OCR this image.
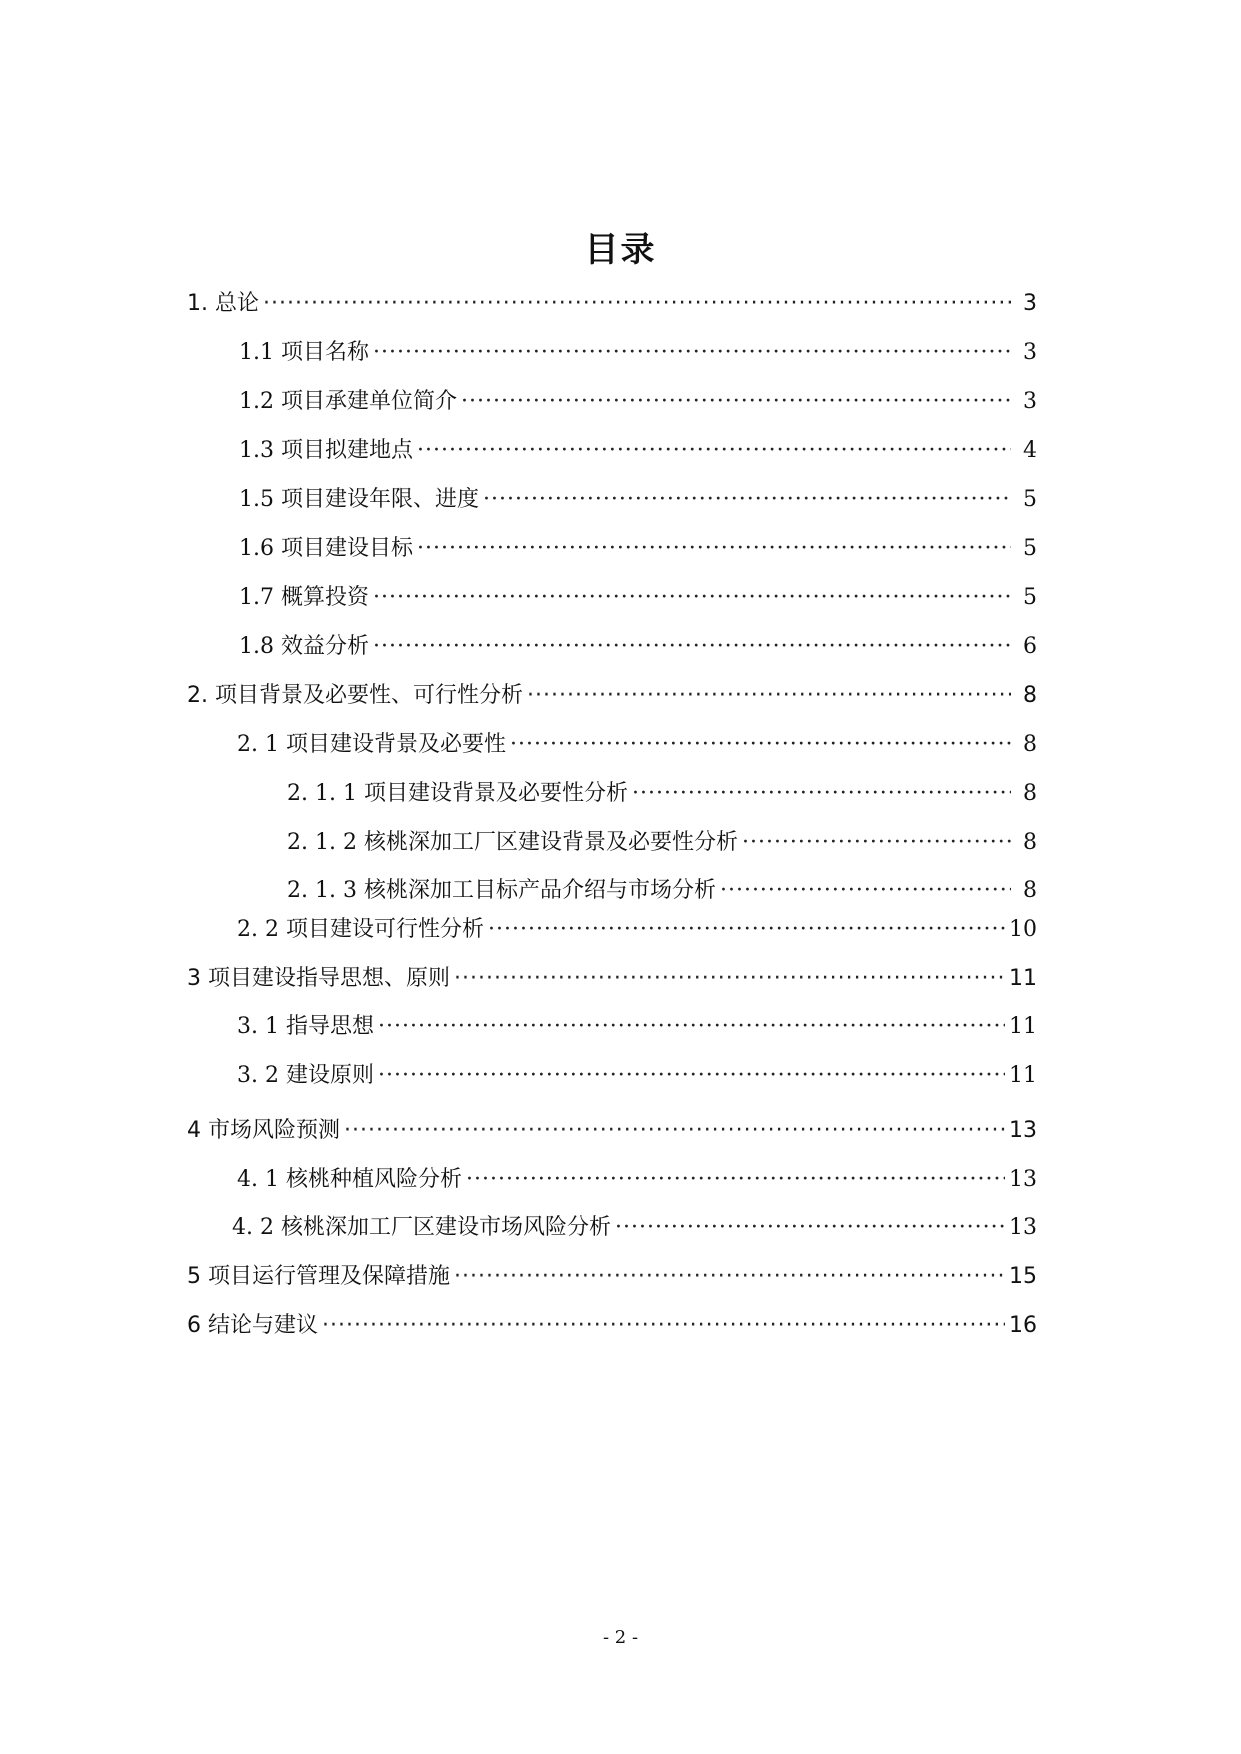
目录
1. 总论 ·····	3
1.1 项目名称 ·····	3
1.2 项目承建单位简介 ·····	3
1.3 项目拟建地点 ·····	4
1.5 项目建设年限、进度 ·····	5
1.6 项目建设目标 ·····	5
1.7 概算投资 ·····	5
1.8 效益分析 ·····	6
2. 项目背景及必要性、可行性分析 ·····	8
2. 1 项目建设背景及必要性 ·····	8
2. 1. 1 项目建设背景及必要性分析 ·····	8
2. 1. 2 核桃深加工厂区建设背景及必要性分析 ·····	8
2. 1. 3 核桃深加工目标产品介绍与市场分析 ·····	8
2. 2 项目建设可行性分析 ·····	10
3 项目建设指导思想、原则 ·····	11
3. 1 指导思想 ·····	11
3. 2 建设原则 ·····	11
4 市场风险预测 ·····	13
4. 1 核桃种植风险分析 ·····	13
4. 2 核桃深加工厂区建设市场风险分析 ·····	13
5 项目运行管理及保障措施 ·····	15
6 结论与建议 ·····	16
- 2 -
